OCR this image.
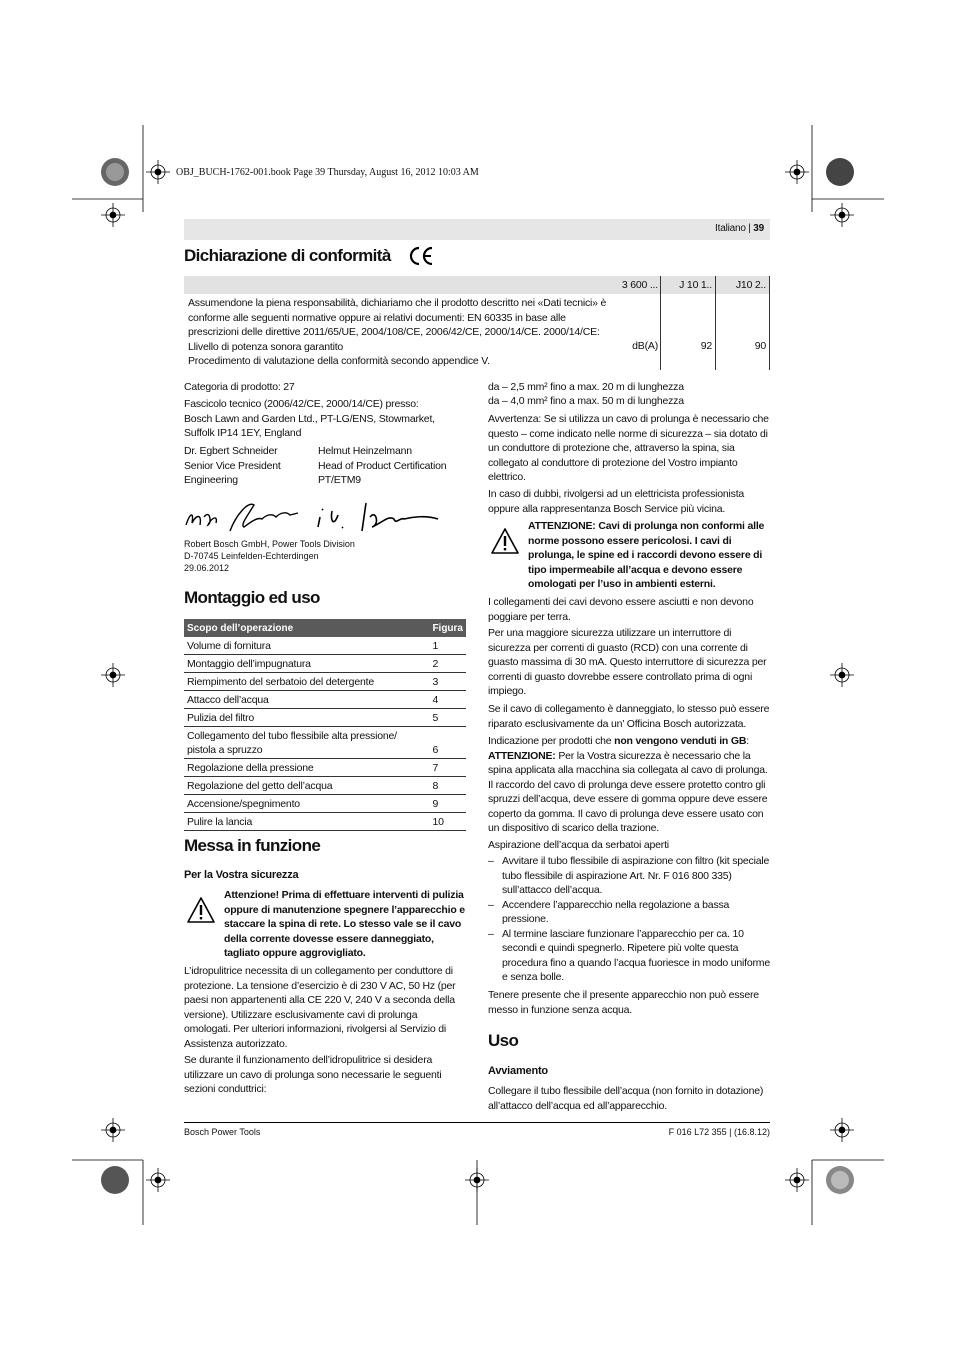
OBJ_BUCH-1762-001.book Page 39 Thursday, August 16, 2012 10:03 AM
Italiano | 39
Dichiarazione di conformità
3 600 ...	J 10 1..	J10 2..
Assumendone la piena responsabilità, dichiariamo che il prodotto descritto nei «Dati tecnici» è conforme alle seguenti normative oppure ai relativi documenti: EN 60335 in base alle prescrizioni delle direttive 2011/65/UE, 2004/108/CE, 2006/42/CE, 2000/14/CE. 2000/14/CE: Llivello di potenza sonora garantito
Procedimento di valutazione della conformità secondo appendice V.
dB(A)	92	90
Categoria di prodotto: 27
Fascicolo tecnico (2006/42/CE, 2000/14/CE) presso: Bosch Lawn and Garden Ltd., PT-LG/ENS, Stowmarket, Suffolk IP14 1EY, England
Dr. Egbert Schneider
Senior Vice President
Engineering
Helmut Heinzelmann
Head of Product Certification
PT/ETM9
Robert Bosch GmbH, Power Tools Division
D-70745 Leinfelden-Echterdingen
29.06.2012
Montaggio ed uso
Scopo dell’operazione	Figura
Volume di fornitura	1
Montaggio dell’impugnatura	2
Riempimento del serbatoio del detergente	3
Attacco dell’acqua	4
Pulizia del filtro	5
Collegamento del tubo flessibile alta pressione/ pistola a spruzzo	6
Regolazione della pressione	7
Regolazione del getto dell’acqua	8
Accensione/spegnimento	9
Pulire la lancia	10
Messa in funzione
Per la Vostra sicurezza
Attenzione! Prima di effettuare interventi di pulizia oppure di manutenzione spegnere l’apparecchio e staccare la spina di rete. Lo stesso vale se il cavo della corrente dovesse essere danneggiato, tagliato oppure aggrovigliato.
L’idropulitrice necessita di un collegamento per conduttore di protezione. La tensione d’esercizio è di 230 V AC, 50 Hz (per paesi non appartenenti alla CE 220 V, 240 V a seconda della versione). Utilizzare esclusivamente cavi di prolunga omologati. Per ulteriori informazioni, rivolgersi al Servizio di Assistenza autorizzato.
Se durante il funzionamento dell’idropulitrice si desidera utilizzare un cavo di prolunga sono necessarie le seguenti sezioni conduttrici:
da – 2,5 mm² fino a max. 20 m di lunghezza
da – 4,0 mm² fino a max. 50 m di lunghezza
Avvertenza: Se si utilizza un cavo di prolunga è necessario che questo – come indicato nelle norme di sicurezza – sia dotato di un conduttore di protezione che, attraverso la spina, sia collegato al conduttore di protezione del Vostro impianto elettrico.
In caso di dubbi, rivolgersi ad un elettricista professionista oppure alla rappresentanza Bosch Service più vicina.
ATTENZIONE: Cavi di prolunga non conformi alle norme possono essere pericolosi. I cavi di prolunga, le spine ed i raccordi devono essere di tipo impermeabile all’acqua e devono essere omologati per l’uso in ambienti esterni.
I collegamenti dei cavi devono essere asciutti e non devono poggiare per terra.
Per una maggiore sicurezza utilizzare un interruttore di sicurezza per correnti di guasto (RCD) con una corrente di guasto massima di 30 mA. Questo interruttore di sicurezza per correnti di guasto dovrebbe essere controllato prima di ogni impiego.
Se il cavo di collegamento è danneggiato, lo stesso può essere riparato esclusivamente da un’ Officina Bosch autorizzata.
Indicazione per prodotti che non vengono venduti in GB:
ATTENZIONE: Per la Vostra sicurezza è necessario che la spina applicata alla macchina sia collegata al cavo di prolunga. Il raccordo del cavo di prolunga deve essere protetto contro gli spruzzi dell’acqua, deve essere di gomma oppure deve essere coperto da gomma. Il cavo di prolunga deve essere usato con un dispositivo di scarico della trazione.
Aspirazione dell’acqua da serbatoi aperti
– Avvitare il tubo flessibile di aspirazione con filtro (kit speciale tubo flessibile di aspirazione Art. Nr. F 016 800 335) sull’attacco dell’acqua.
– Accendere l’apparecchio nella regolazione a bassa pressione.
– Al termine lasciare funzionare l’apparecchio per ca. 10 secondi e quindi spegnerlo. Ripetere più volte questa procedura fino a quando l’acqua fuoriesce in modo uniforme e senza bolle.
Tenere presente che il presente apparecchio non può essere messo in funzione senza acqua.
Uso
Avviamento
Collegare il tubo flessibile dell’acqua (non fornito in dotazione) all’attacco dell’acqua ed all’apparecchio.
Bosch Power Tools	F 016 L72 355 | (16.8.12)
